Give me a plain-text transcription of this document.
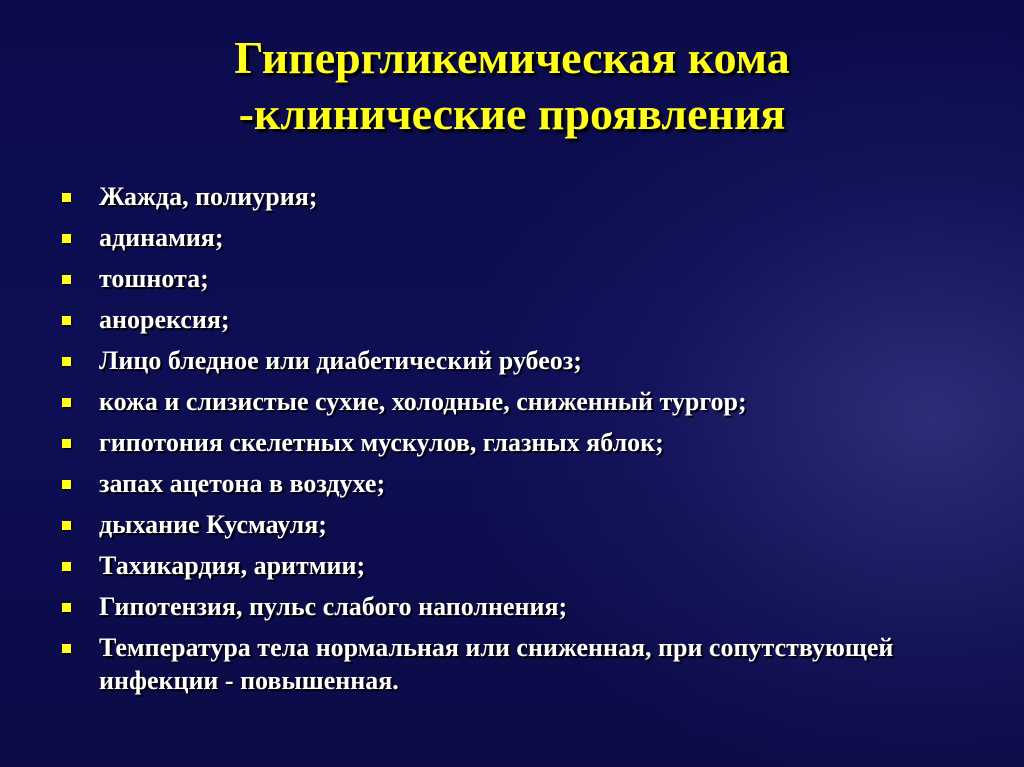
Гипергликемическая кома
-клинические проявления
Жажда, полиурия;
адинамия;
тошнота;
анорексия;
Лицо бледное или диабетический рубеоз;
кожа и слизистые сухие, холодные, сниженный тургор;
гипотония скелетных мускулов, глазных яблок;
запах ацетона в воздухе;
дыхание Кусмауля;
Тахикардия, аритмии;
Гипотензия, пульс слабого наполнения;
Температура тела нормальная или сниженная, при сопутствующей инфекции - повышенная.
